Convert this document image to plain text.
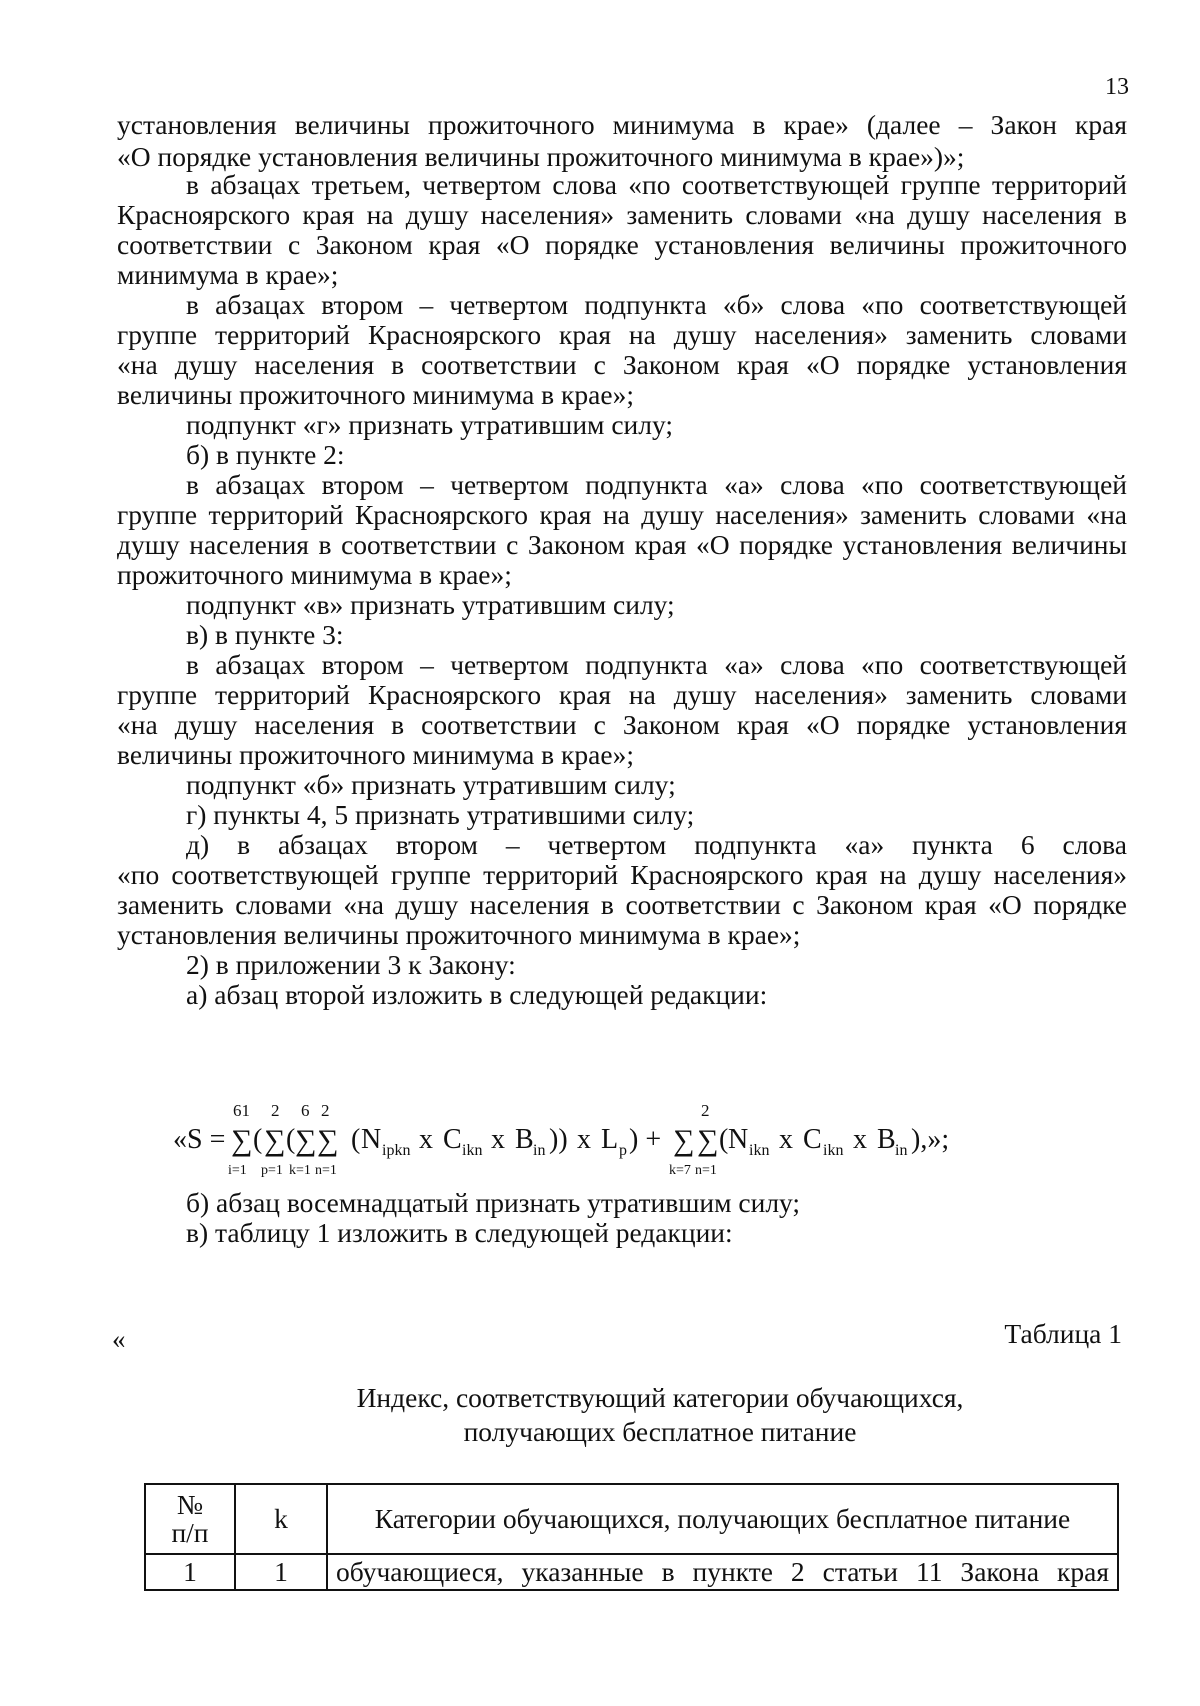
13
установления величины прожиточного минимума в крае» (далее – Закон края
«О порядке установления величины прожиточного минимума в крае»)»;
в абзацах третьем, четвертом слова «по соответствующей группе территорий
Красноярского края на душу населения» заменить словами «на душу населения в
соответствии с Законом края «О порядке установления величины прожиточного
минимума в крае»;
в абзацах втором – четвертом подпункта «б» слова «по соответствующей
группе территорий Красноярского края на душу населения» заменить словами
«на душу населения в соответствии с Законом края «О порядке установления
величины прожиточного минимума в крае»;
подпункт «г» признать утратившим силу;
б) в пункте 2:
в абзацах втором – четвертом подпункта «а» слова «по соответствующей
группе территорий Красноярского края на душу населения» заменить словами «на
душу населения в соответствии с Законом края «О порядке установления величины
прожиточного минимума в крае»;
подпункт «в» признать утратившим силу;
в) в пункте 3:
в абзацах втором – четвертом подпункта «а» слова «по соответствующей
группе территорий Красноярского края на душу населения» заменить словами
«на душу населения в соответствии с Законом края «О порядке установления
величины прожиточного минимума в крае»;
подпункт «б» признать утратившим силу;
г) пункты 4, 5 признать утратившими силу;
д) в абзацах втором – четвертом подпункта «а» пункта 6 слова
«по соответствующей группе территорий Красноярского края на душу населения»
заменить словами «на душу населения в соответствии с Законом края «О порядке
установления величины прожиточного минимума в крае»;
2) в приложении 3 к Закону:
а) абзац второй изложить в следующей редакции:
61 2 6 2	2
«S = ∑ ( ∑ ( ∑ ∑ ( N ipkn x C ikn x B in )) x L p ) + ∑ ∑ ( N ikn x C ikn x B in ),»;
i=1 p=1 k=1 n=1	k=7 n=1
б) абзац восемнадцатый признать утратившим силу;
в) таблицу 1 изложить в следующей редакции:
«	Таблица 1
Индекс, соответствующий категории обучающихся,
получающих бесплатное питание
№
п/п	k	Категории обучающихся, получающих бесплатное питание
1	1	обучающиеся, указанные в пункте 2 статьи 11 Закона края
